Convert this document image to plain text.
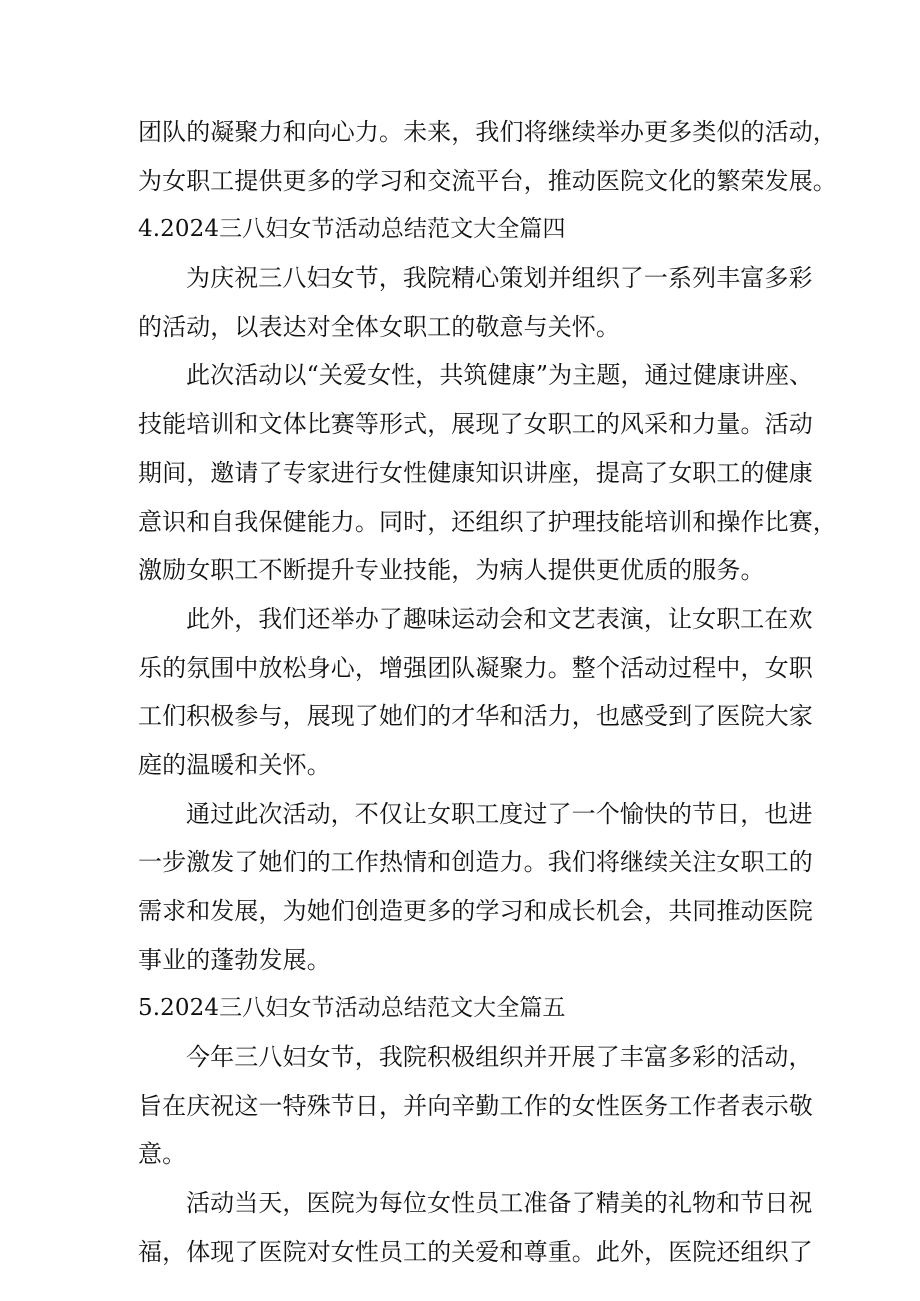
团队的凝聚力和向心力。未来，我们将继续举办更多类似的活动，
为女职工提供更多的学习和交流平台，推动医院文化的繁荣发展。
4.2024三八妇女节活动总结范文大全篇四
为庆祝三八妇女节，我院精心策划并组织了一系列丰富多彩
的活动，以表达对全体女职工的敬意与关怀。
此次活动以“关爱女性，共筑健康”为主题，通过健康讲座、
技能培训和文体比赛等形式，展现了女职工的风采和力量。活动
期间，邀请了专家进行女性健康知识讲座，提高了女职工的健康
意识和自我保健能力。同时，还组织了护理技能培训和操作比赛，
激励女职工不断提升专业技能，为病人提供更优质的服务。
此外，我们还举办了趣味运动会和文艺表演，让女职工在欢
乐的氛围中放松身心，增强团队凝聚力。整个活动过程中，女职
工们积极参与，展现了她们的才华和活力，也感受到了医院大家
庭的温暖和关怀。
通过此次活动，不仅让女职工度过了一个愉快的节日，也进
一步激发了她们的工作热情和创造力。我们将继续关注女职工的
需求和发展，为她们创造更多的学习和成长机会，共同推动医院
事业的蓬勃发展。
5.2024三八妇女节活动总结范文大全篇五
今年三八妇女节，我院积极组织并开展了丰富多彩的活动，
旨在庆祝这一特殊节日，并向辛勤工作的女性医务工作者表示敬
意。
活动当天，医院为每位女性员工准备了精美的礼物和节日祝
福，体现了医院对女性员工的关爱和尊重。此外，医院还组织了
